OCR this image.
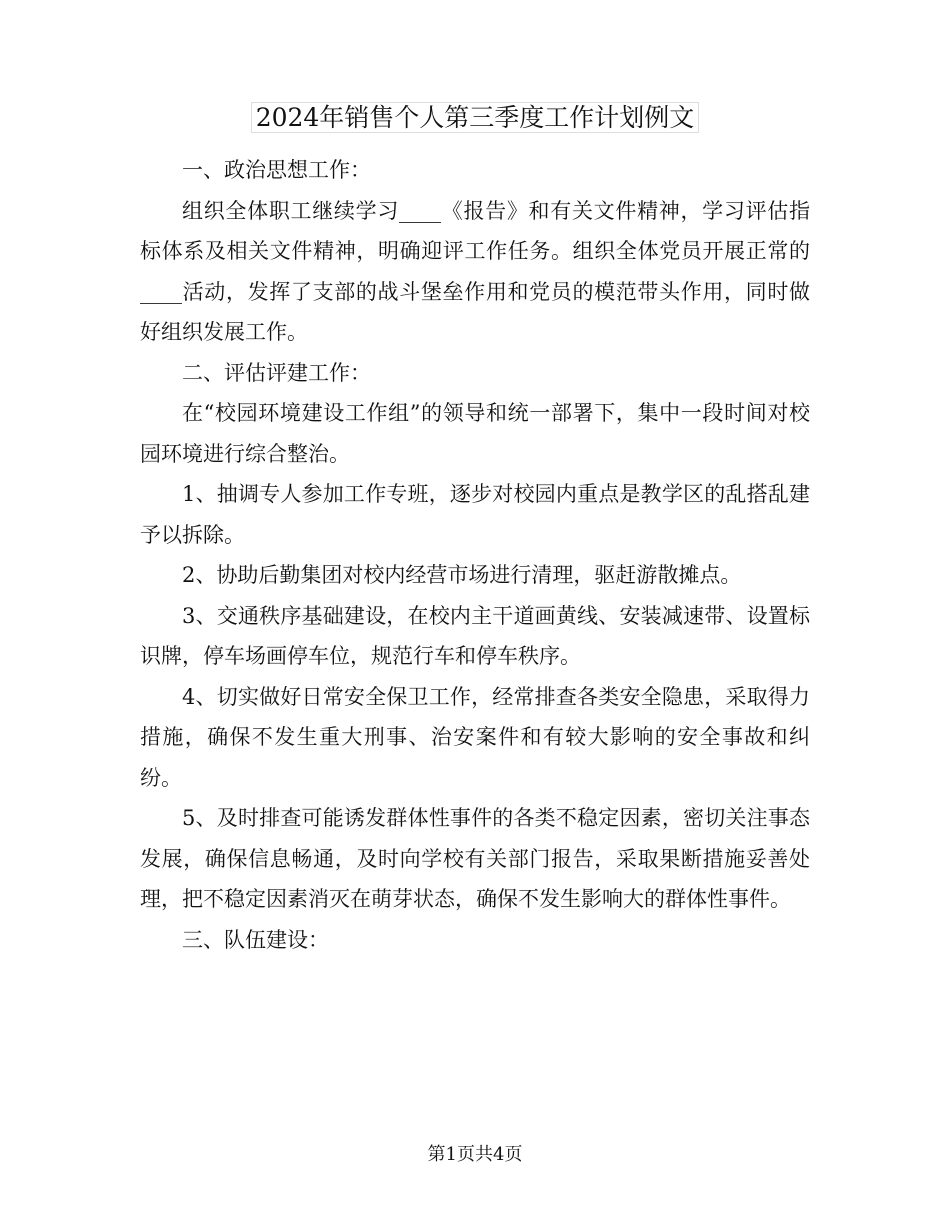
2024年销售个人第三季度工作计划例文

一、政治思想工作：

组织全体职工继续学习____《报告》和有关文件精神，学习评估指标体系及相关文件精神，明确迎评工作任务。组织全体党员开展正常的____活动，发挥了支部的战斗堡垒作用和党员的模范带头作用，同时做好组织发展工作。

二、评估评建工作：

在“校园环境建设工作组”的领导和统一部署下，集中一段时间对校园环境进行综合整治。

1、抽调专人参加工作专班，逐步对校园内重点是教学区的乱搭乱建予以拆除。

2、协助后勤集团对校内经营市场进行清理，驱赶游散摊点。

3、交通秩序基础建设，在校内主干道画黄线、安装减速带、设置标识牌，停车场画停车位，规范行车和停车秩序。

4、切实做好日常安全保卫工作，经常排查各类安全隐患，采取得力措施，确保不发生重大刑事、治安案件和有较大影响的安全事故和纠纷。

5、及时排查可能诱发群体性事件的各类不稳定因素，密切关注事态发展，确保信息畅通，及时向学校有关部门报告，采取果断措施妥善处理，把不稳定因素消灭在萌芽状态，确保不发生影响大的群体性事件。

三、队伍建设：

第1页共4页
